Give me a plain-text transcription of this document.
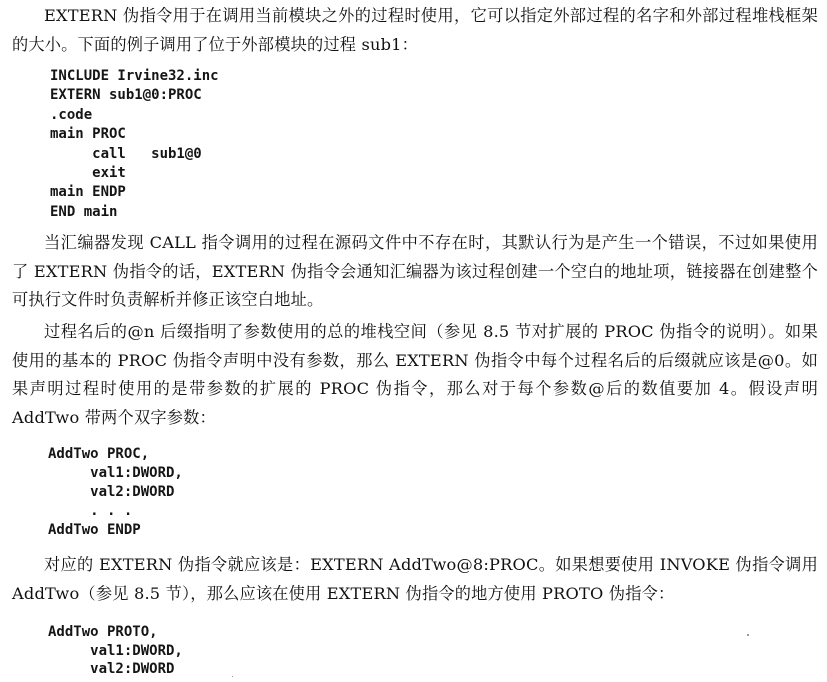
EXTERN 伪指令用于在调用当前模块之外的过程时使用，它可以指定外部过程的名字和外部过程堆栈框架的大小。下面的例子调用了位于外部模块的过程 sub1：

INCLUDE Irvine32.inc
EXTERN sub1@0:PROC
.code
main PROC
call   sub1@0
exit
main ENDP
END main

当汇编器发现 CALL 指令调用的过程在源码文件中不存在时，其默认行为是产生一个错误，不过如果使用了 EXTERN 伪指令的话，EXTERN 伪指令会通知汇编器为该过程创建一个空白的地址项，链接器在创建整个可执行文件时负责解析并修正该空白地址。

过程名后的@n 后缀指明了参数使用的总的堆栈空间（参见 8.5 节对扩展的 PROC 伪指令的说明）。如果使用的基本的 PROC 伪指令声明中没有参数，那么 EXTERN 伪指令中每个过程名后的后缀就应该是@0。如果声明过程时使用的是带参数的扩展的 PROC 伪指令，那么对于每个参数@后的数值要加 4。假设声明 AddTwo 带两个双字参数：

AddTwo PROC,
val1:DWORD,
val2:DWORD
. . .
AddTwo ENDP

对应的 EXTERN 伪指令就应该是：EXTERN AddTwo@8:PROC。如果想要使用 INVOKE 伪指令调用 AddTwo（参见 8.5 节），那么应该在使用 EXTERN 伪指令的地方使用 PROTO 伪指令：

AddTwo PROTO,
val1:DWORD,
val2:DWORD
